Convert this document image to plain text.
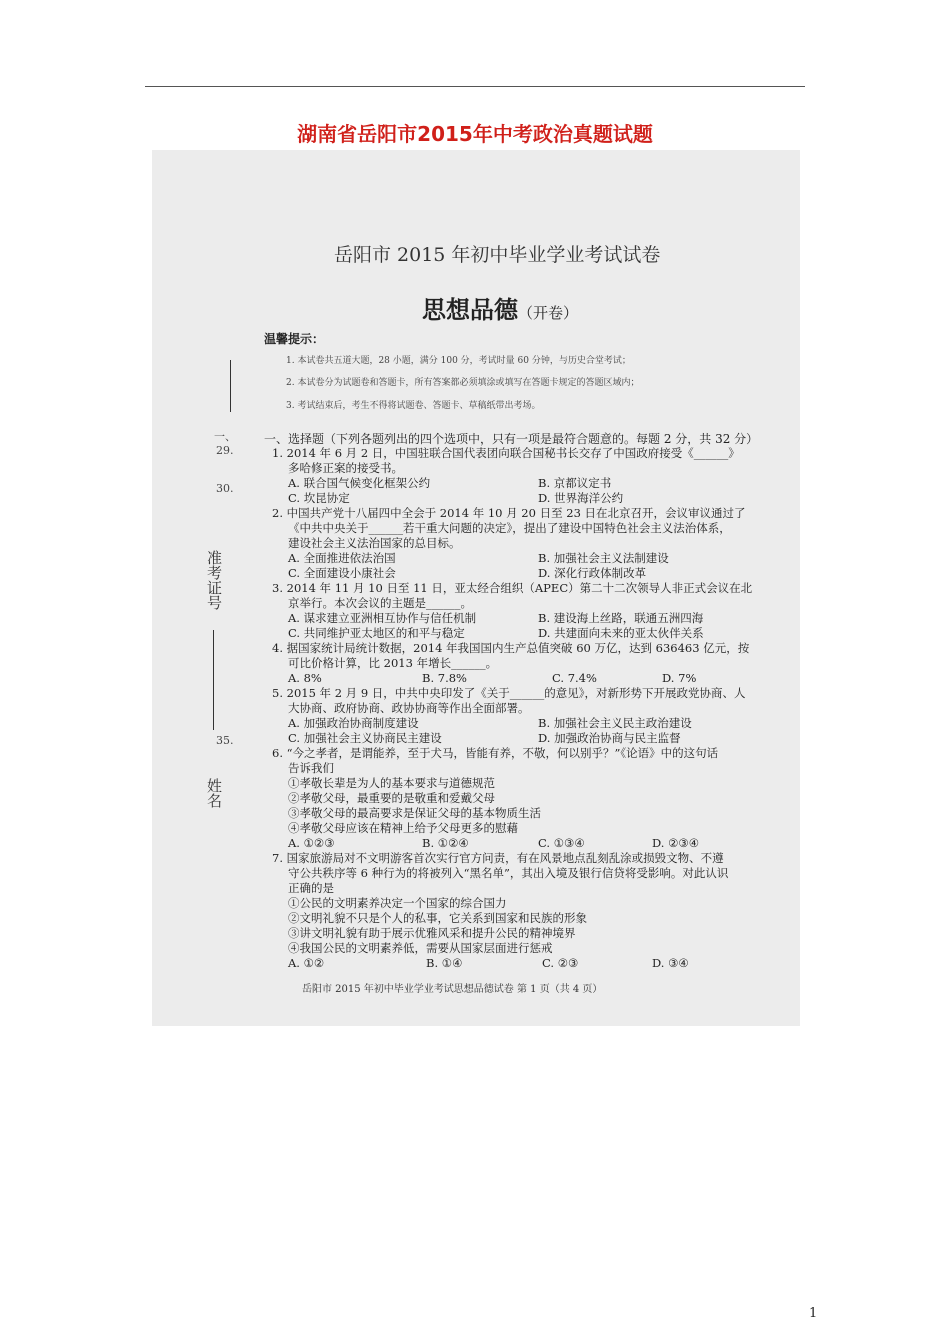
湖南省岳阳市2015年中考政治真题试题
一、
29.
30.
准考证号
35.
姓名
岳阳市 2015 年初中毕业学业考试试卷
思想品德（开卷）
温馨提示：
1. 本试卷共五道大题，28 小题，满分 100 分，考试时量 60 分钟，与历史合堂考试；
2. 本试卷分为试题卷和答题卡，所有答案都必须填涂或填写在答题卡规定的答题区域内；
3. 考试结束后，考生不得将试题卷、答题卡、草稿纸带出考场。
一、选择题（下列各题列出的四个选项中，只有一项是最符合题意的。每题 2 分，共 32 分）
1. 2014 年 6 月 2 日，中国驻联合国代表团向联合国秘书长交存了中国政府接受《______》
多哈修正案的接受书。
A. 联合国气候变化框架公约	B. 京都议定书
C. 坎昆协定	D. 世界海洋公约
2. 中国共产党十八届四中全会于 2014 年 10 月 20 日至 23 日在北京召开，会议审议通过了
《中共中央关于______若干重大问题的决定》，提出了建设中国特色社会主义法治体系，
建设社会主义法治国家的总目标。
A. 全面推进依法治国	B. 加强社会主义法制建设
C. 全面建设小康社会	D. 深化行政体制改革
3. 2014 年 11 月 10 日至 11 日，亚太经合组织（APEC）第二十二次领导人非正式会议在北
京举行。本次会议的主题是______。
A. 谋求建立亚洲相互协作与信任机制	B. 建设海上丝路，联通五洲四海
C. 共同维护亚太地区的和平与稳定	D. 共建面向未来的亚太伙伴关系
4. 据国家统计局统计数据，2014 年我国国内生产总值突破 60 万亿，达到 636463 亿元，按
可比价格计算，比 2013 年增长______。
A. 8%	B. 7.8%	C. 7.4%	D. 7%
5. 2015 年 2 月 9 日，中共中央印发了《关于______的意见》，对新形势下开展政党协商、人
大协商、政府协商、政协协商等作出全面部署。
A. 加强政治协商制度建设	B. 加强社会主义民主政治建设
C. 加强社会主义协商民主建设	D. 加强政治协商与民主监督
6. “今之孝者，是谓能养，至于犬马，皆能有养，不敬，何以别乎？”《论语》中的这句话
告诉我们
①孝敬长辈是为人的基本要求与道德规范
②孝敬父母，最重要的是敬重和爱戴父母
③孝敬父母的最高要求是保证父母的基本物质生活
④孝敬父母应该在精神上给予父母更多的慰藉
A. ①②③	B. ①②④	C. ①③④	D. ②③④
7. 国家旅游局对不文明游客首次实行官方问责，有在风景地点乱刻乱涂或损毁文物、不遵
守公共秩序等 6 种行为的将被列入“黑名单”，其出入境及银行信贷将受影响。对此认识
正确的是
①公民的文明素养决定一个国家的综合国力
②文明礼貌不只是个人的私事，它关系到国家和民族的形象
③讲文明礼貌有助于展示优雅风采和提升公民的精神境界
④我国公民的文明素养低，需要从国家层面进行惩戒
A. ①②	B. ①④	C. ②③	D. ③④
岳阳市 2015 年初中毕业学业考试思想品德试卷 第 1 页（共 4 页）
1
